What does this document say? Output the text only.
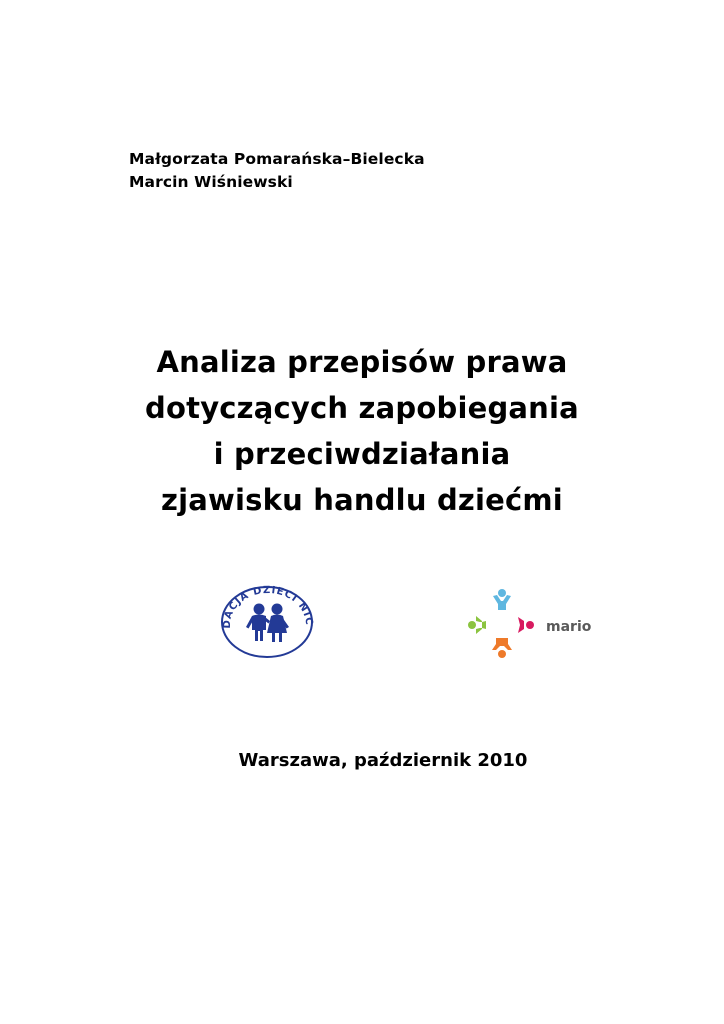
Małgorzata Pomarańska–Bielecka
Marcin Wiśniewski
Analiza przepisów prawa
dotyczących zapobiegania
i przeciwdziałania
zjawisku handlu dziećmi
DACJA DZIECI NIC	mario
Warszawa, październik 2010
